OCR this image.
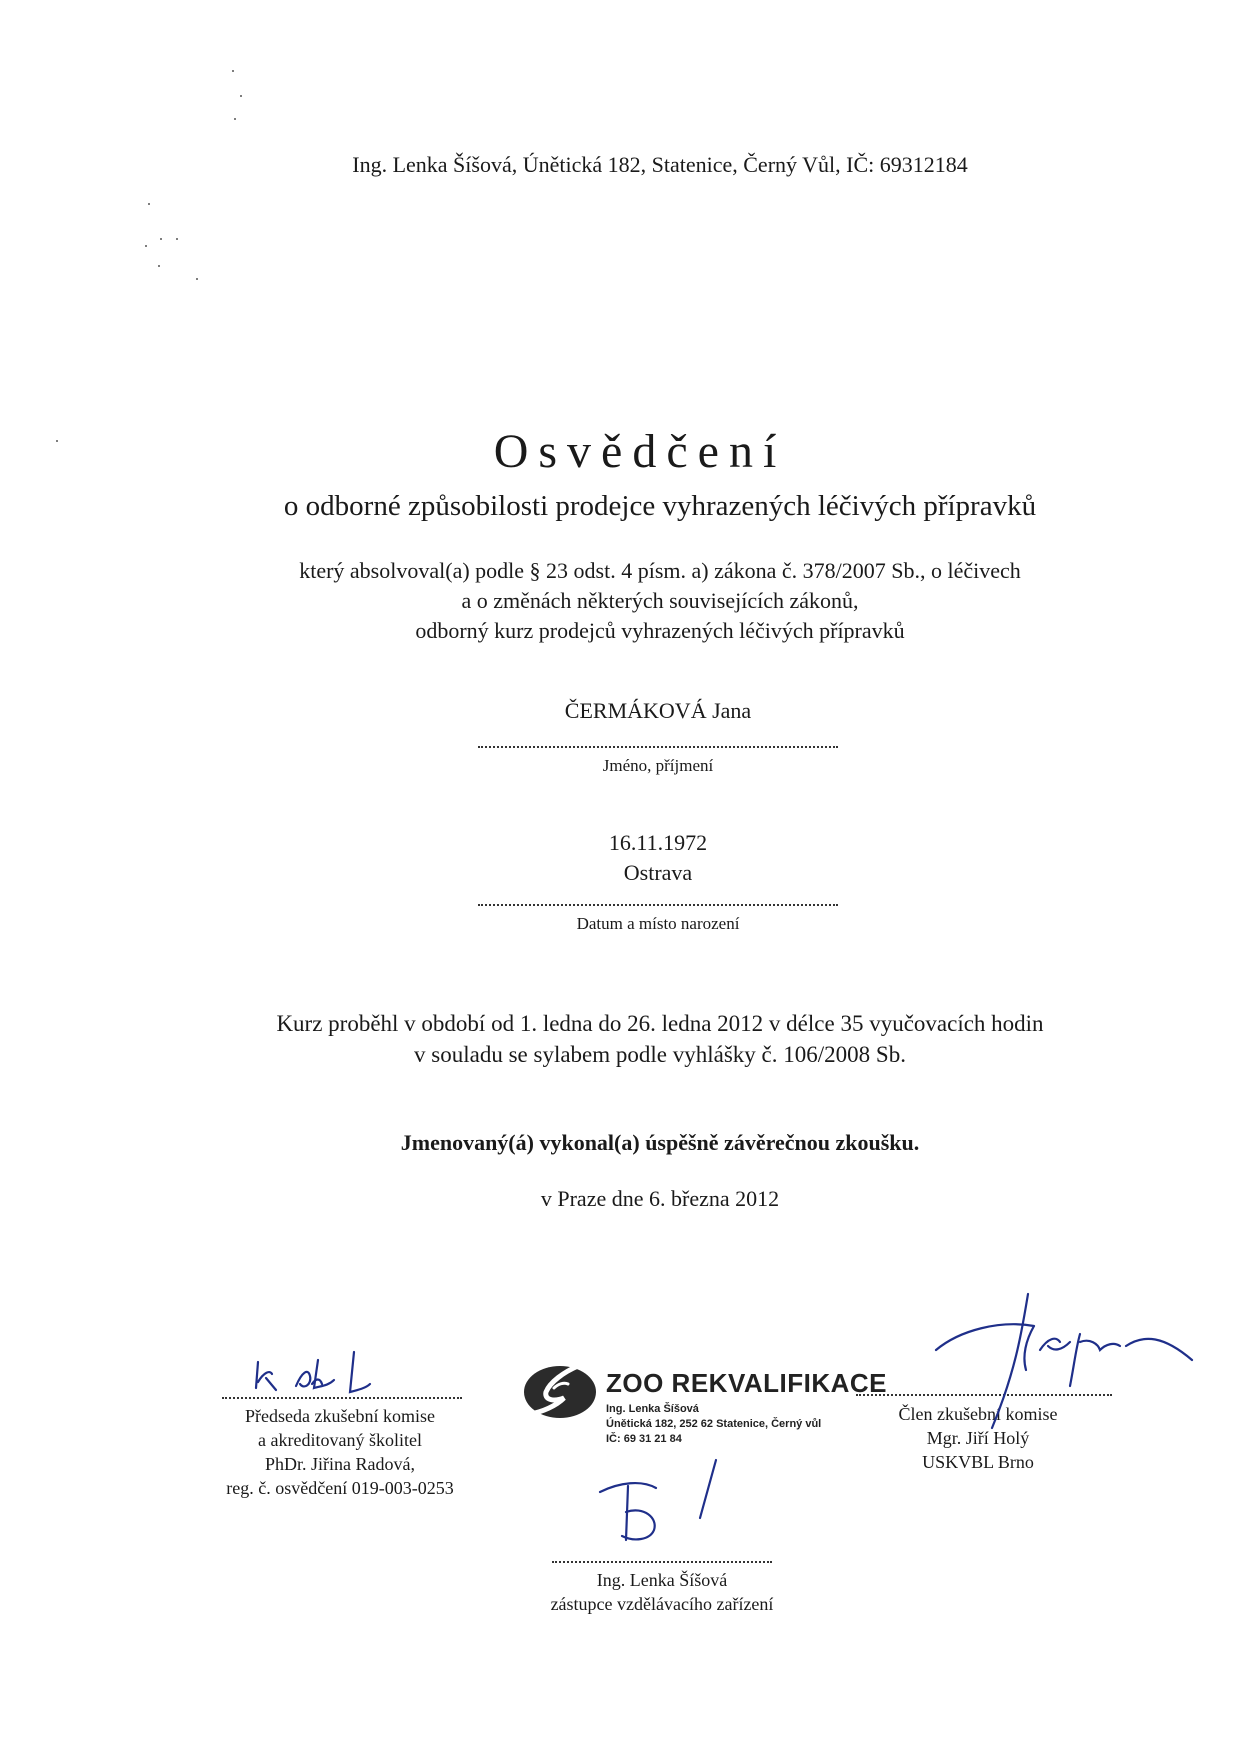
Ing. Lenka Šíšová, Únětická 182, Statenice, Černý Vůl, IČ: 69312184
Osvědčení
o odborné způsobilosti prodejce vyhrazených léčivých přípravků
který absolvoval(a) podle § 23 odst. 4 písm. a) zákona č. 378/2007 Sb., o léčivech
a o změnách některých souvisejících zákonů,
odborný kurz prodejců vyhrazených léčivých přípravků
ČERMÁKOVÁ Jana
Jméno, příjmení
16.11.1972
Ostrava
Datum a místo narození
Kurz proběhl v období od 1. ledna do 26. ledna 2012 v délce 35 vyučovacích hodin
v souladu se sylabem podle vyhlášky č. 106/2008 Sb.
Jmenovaný(á) vykonal(a) úspěšně závěrečnou zkoušku.
v Praze dne 6. března 2012
Předseda zkušební komise
a akreditovaný školitel
PhDr. Jiřina Radová,
reg. č. osvědčení 019-003-0253
ZOO REKVALIFIKACE
Ing. Lenka Šíšová
Únětická 182, 252 62 Statenice, Černý vůl
IČ: 69 31 21 84
Člen zkušební komise
Mgr. Jiří Holý
USKVBL Brno
Ing. Lenka Šíšová
zástupce vzdělávacího zařízení
